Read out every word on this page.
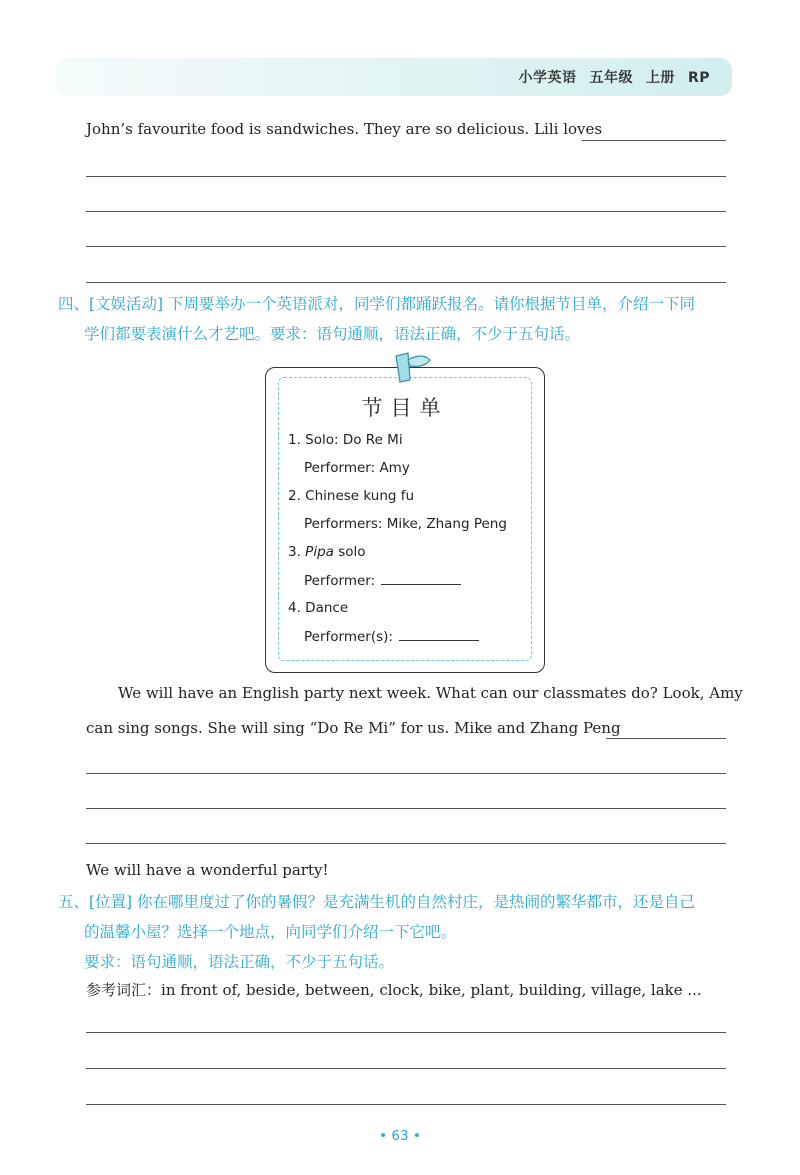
小学英语 五年级 上册 RP
John’s favourite food is sandwiches. They are so delicious. Lili loves
四、[文娱活动] 下周要举办一个英语派对，同学们都踊跃报名。请你根据节目单，介绍一下同
学们都要表演什么才艺吧。要求：语句通顺，语法正确，不少于五句话。
节目单
1. Solo: Do Re Mi
Performer: Amy
2. Chinese kung fu
Performers: Mike, Zhang Peng
3. Pipa solo
Performer:
4. Dance
Performer(s):
We will have an English party next week. What can our classmates do? Look, Amy
can sing songs. She will sing “Do Re Mi” for us. Mike and Zhang Peng
We will have a wonderful party!
五、[位置] 你在哪里度过了你的暑假？是充满生机的自然村庄，是热闹的繁华都市，还是自己
的温馨小屋？选择一个地点，向同学们介绍一下它吧。
要求：语句通顺，语法正确，不少于五句话。
参考词汇：in front of, beside, between, clock, bike, plant, building, village, lake ...
• 63 •
